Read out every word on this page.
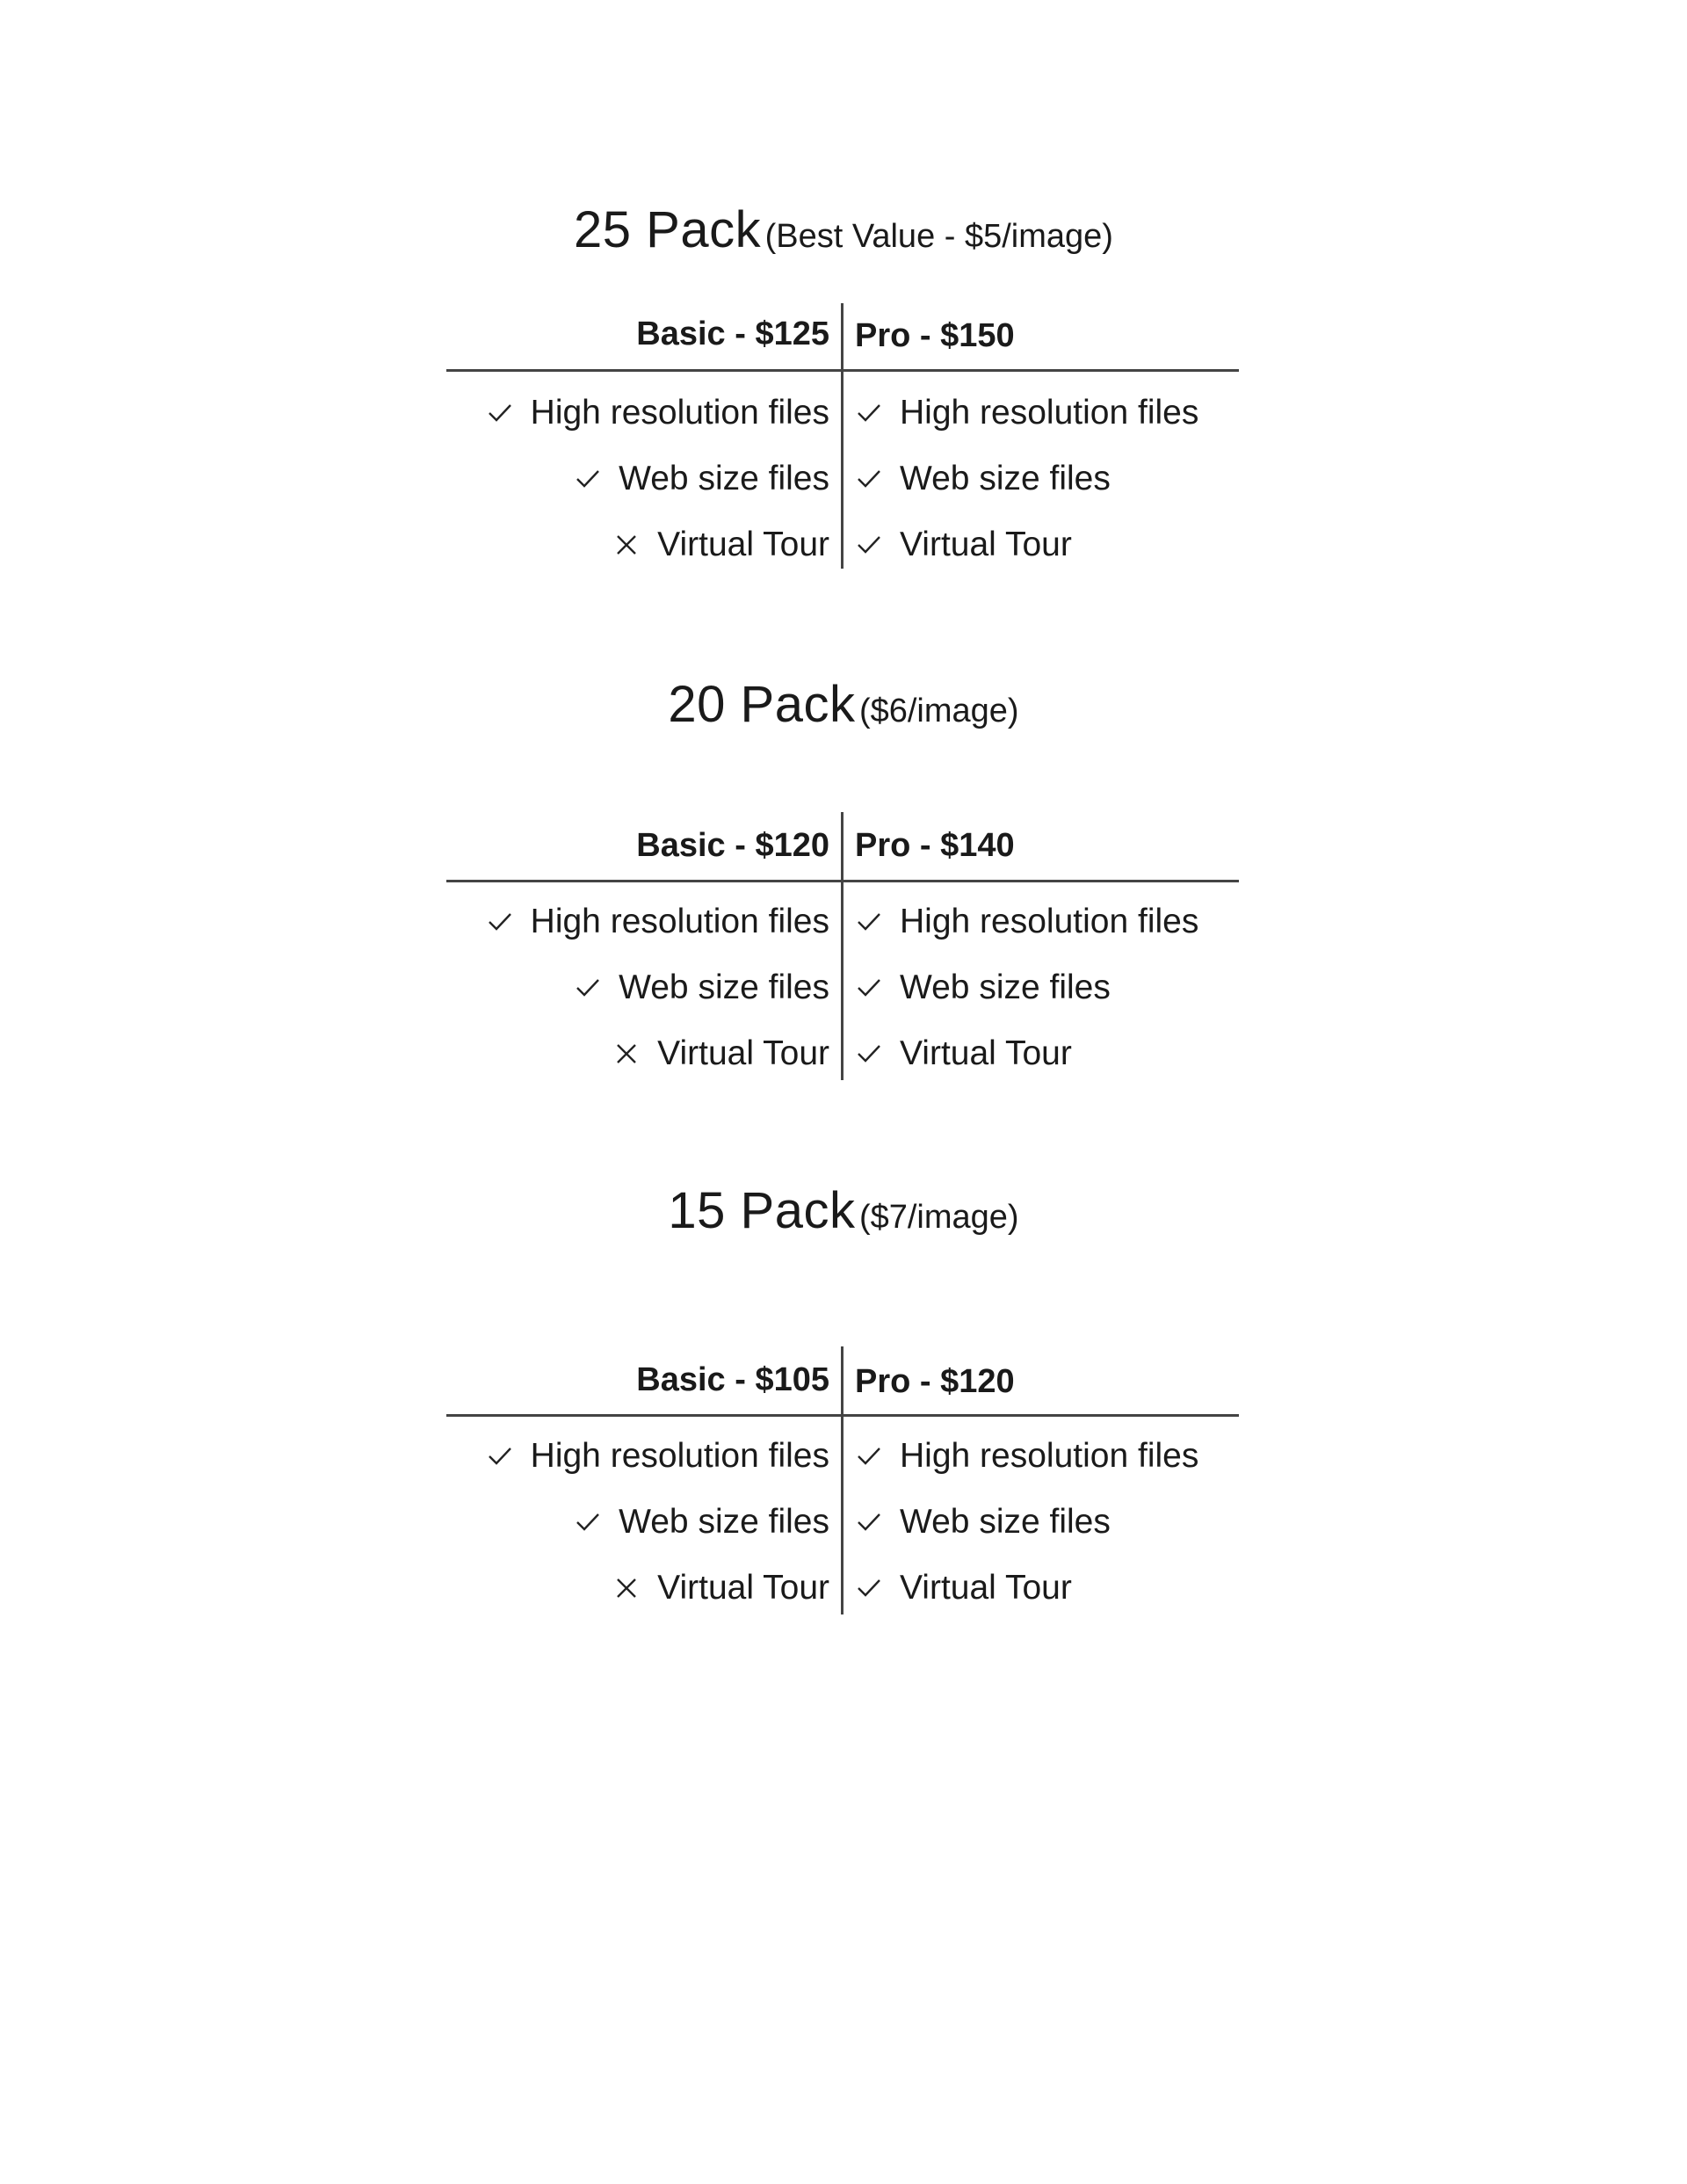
25 Pack (Best Value - $5/image)
Basic - $125 Pro - $150
High resolution files High resolution files
Web size files Web size files
Virtual Tour Virtual Tour
20 Pack ($6/image)
Basic - $120 Pro - $140
High resolution files High resolution files
Web size files Web size files
Virtual Tour Virtual Tour
15 Pack ($7/image)
Basic - $105 Pro - $120
High resolution files High resolution files
Web size files Web size files
Virtual Tour Virtual Tour
